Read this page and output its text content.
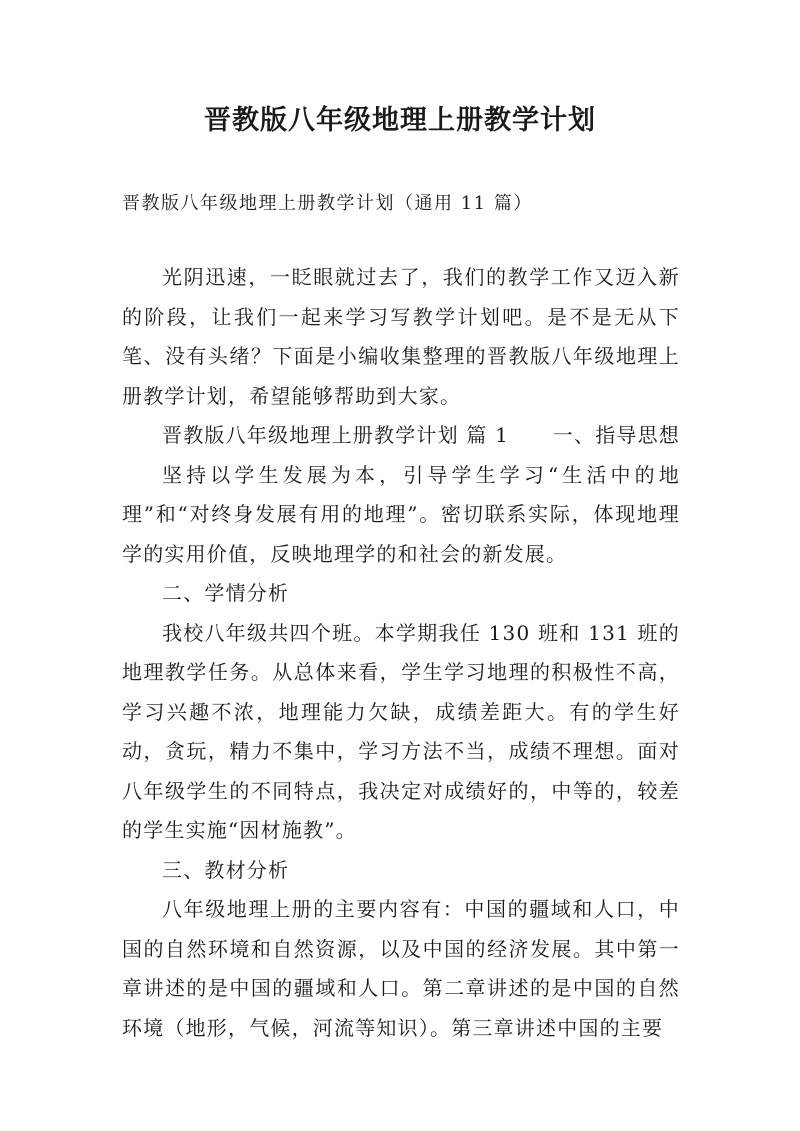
晋教版八年级地理上册教学计划

晋教版八年级地理上册教学计划（通用 11 篇）

光阴迅速，一眨眼就过去了，我们的教学工作又迈入新的阶段，让我们一起来学习写教学计划吧。是不是无从下笔、没有头绪？下面是小编收集整理的晋教版八年级地理上册教学计划，希望能够帮助到大家。

晋教版八年级地理上册教学计划 篇 1	一、指导思想

坚持以学生发展为本，引导学生学习“生活中的地理”和“对终身发展有用的地理”。密切联系实际，体现地理学的实用价值，反映地理学的和社会的新发展。

二、学情分析

我校八年级共四个班。本学期我任 130 班和 131 班的地理教学任务。从总体来看，学生学习地理的积极性不高，学习兴趣不浓，地理能力欠缺，成绩差距大。有的学生好动，贪玩，精力不集中，学习方法不当，成绩不理想。面对八年级学生的不同特点，我决定对成绩好的，中等的，较差的学生实施“因材施教”。

三、教材分析

八年级地理上册的主要内容有：中国的疆域和人口，中国的自然环境和自然资源，以及中国的经济发展。其中第一章讲述的是中国的疆域和人口。第二章讲述的是中国的自然环境（地形，气候，河流等知识）。第三章讲述中国的主要
